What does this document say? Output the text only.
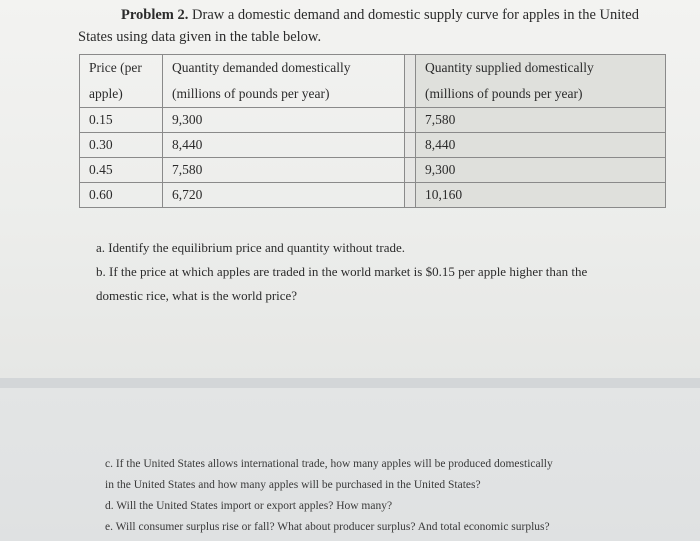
Problem 2. Draw a domestic demand and domestic supply curve for apples in the United
States using data given in the table below.
Price (per	Quantity demanded domestically		Quantity supplied domestically
apple)	(millions of pounds per year)		(millions of pounds per year)
0.15	9,300		7,580
0.30	8,440		8,440
0.45	7,580		9,300
0.60	6,720		10,160

a. Identify the equilibrium price and quantity without trade.

b. If the price at which apples are traded in the world market is $0.15 per apple higher than the

domestic rice, what is the world price?

c. If the United States allows international trade, how many apples will be produced domestically

in the United States and how many apples will be purchased in the United States?

d. Will the United States import or export apples? How many?

e. Will consumer surplus rise or fall? What about producer surplus? And total economic surplus?
